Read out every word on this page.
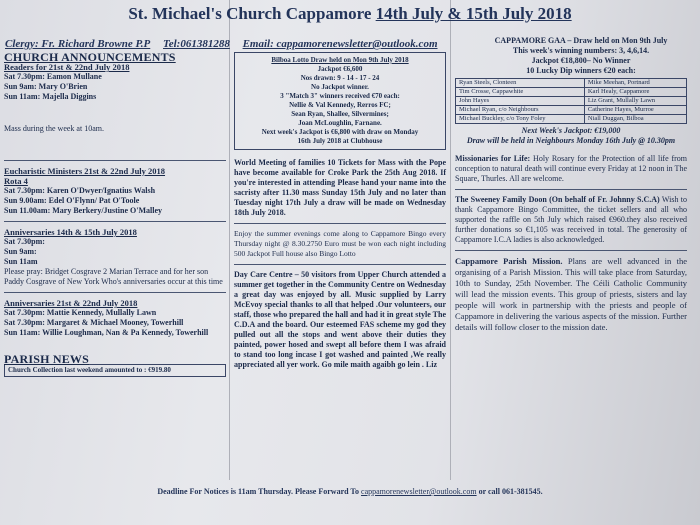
St. Michael's Church Cappamore 14th July & 15th July 2018
Clergy: Fr. Richard Browne P.P Tel:061381288 Email: cappamorenewsletter@outlook.com
CHURCH ANNOUNCEMENTS
Readers for 21st & 22nd July 2018

Sat 7.30pm: Eamon Mullane

Sun 9am: Mary O'Brien

Sun 11am: Majella Diggins

Mass during the week at 10am.

Eucharistic Ministers 21st & 22nd July 2018
Rota 4

Sat 7.30pm: Karen O'Dwyer/Ignatius Walsh

Sun 9.00am: Edel O'Flynn/ Pat O'Toole

Sun 11.00am: Mary Berkery/Justine O'Malley

Anniversaries 14th & 15th July 2018

Sat 7.30pm:

Sun 9am:

Sun 11am

Please pray: Bridget Cosgrave 2 Marian Terrace and for her son Paddy Cosgrave of New York Who's anniversaries occur at this time

Anniversaries 21st & 22nd July 2018

Sat 7.30pm: Mattie Kennedy, Mullally Lawn

Sat 7.30pm: Margaret & Michael Mooney, Towerhill

Sun 11am: Willie Loughman, Nan & Pa Kennedy, Towerhill

PARISH NEWS
Church Collection last weekend amounted to : €919.80

Bilboa Lotto Draw held on Mon 9th July 2018

Jackpot €6,600

Nos drawn: 9 - 14 - 17 - 24

No Jackpot winner.

3 "Match 3" winners received €70 each:

Nellie & Val Kennedy, Rerros FC;

Sean Ryan, Shallee, Silvermines;

Joan McLoughlin, Farnane.

Next week's Jackpot is €6,800 with draw on Monday

16th July 2018 at Clubhouse

World Meeting of families 10 Tickets for Mass with the Pope have become available for Croke Park the 25th Aug 2018. If you're interested in attending Please hand your name into the sacristy after 11.30 mass Sunday 15th July and no later than Tuesday night 17th July a draw will be made on Wednesday 18th July 2018.

Enjoy the summer evenings come along to Cappamore Bingo every Thursday night @ 8.30.2750 Euro must be won each night including 500 Jackpot Full house also Bingo Lotto

Day Care Centre – 50 visitors from Upper Church attended a summer get together in the Community Centre on Wednesday a great day was enjoyed by all. Music supplied by Larry McEvoy special thanks to all that helped .Our volunteers, our staff, those who prepared the hall and had it in great style The C.D.A and the board. Our esteemed FAS scheme my god they pulled out all the stops and went above their duties they painted, power hosed and swept all before them I was afraid to stand too long incase I got washed and painted ,We really appreciated all yer work. Go mile maith agaibh go lein . Liz

CAPPAMORE GAA – Draw held on Mon 9th July

This week's winning numbers: 3, 4,6,14.

Jackpot €18,800– No Winner

10 Lucky Dip winners €20 each:

Ryan Steels, Clonteen	Mike Meehan, Portnard
Tim Crosse, Cappawhite	Karl Healy, Cappamore
John Hayes	Liz Grant, Mullally Lawn
Michael Ryan, c/o Neighbours	Catherine Hayes, Murroe
Michael Buckley, c/o Tony Foley	Niall Duggan, Bilboa

Next Week's Jackpot: €19,000

Draw will be held in Neighbours Monday 16th July @ 10.30pm

Missionaries for Life: Holy Rosary for the Protection of all life from conception to natural death will continue every Friday at 12 noon in The Square, Thurles. All are welcome.

The Sweeney Family Doon (On behalf of Fr. Johnny S.C.A) Wish to thank Cappamore Bingo Committee, the ticket sellers and all who supported the raffle on 5th July which raised €960.they also received further donations so €1,105 was received in total. The generosity of Cappamore I.C.A ladies is also acknowledged.

Cappamore Parish Mission. Plans are well advanced in the organising of a Parish Mission. This will take place from Saturday, 10th to Sunday, 25th November. The Céili Catholic Community will lead the mission events. This group of priests, sisters and lay people will work in partnership with the priests and people of Cappamore in delivering the various aspects of the mission. Further details will follow closer to the mission date.

Deadline For Notices is 11am Thursday. Please Forward To cappamorenewsletter@outlook.com or call 061-381545.
